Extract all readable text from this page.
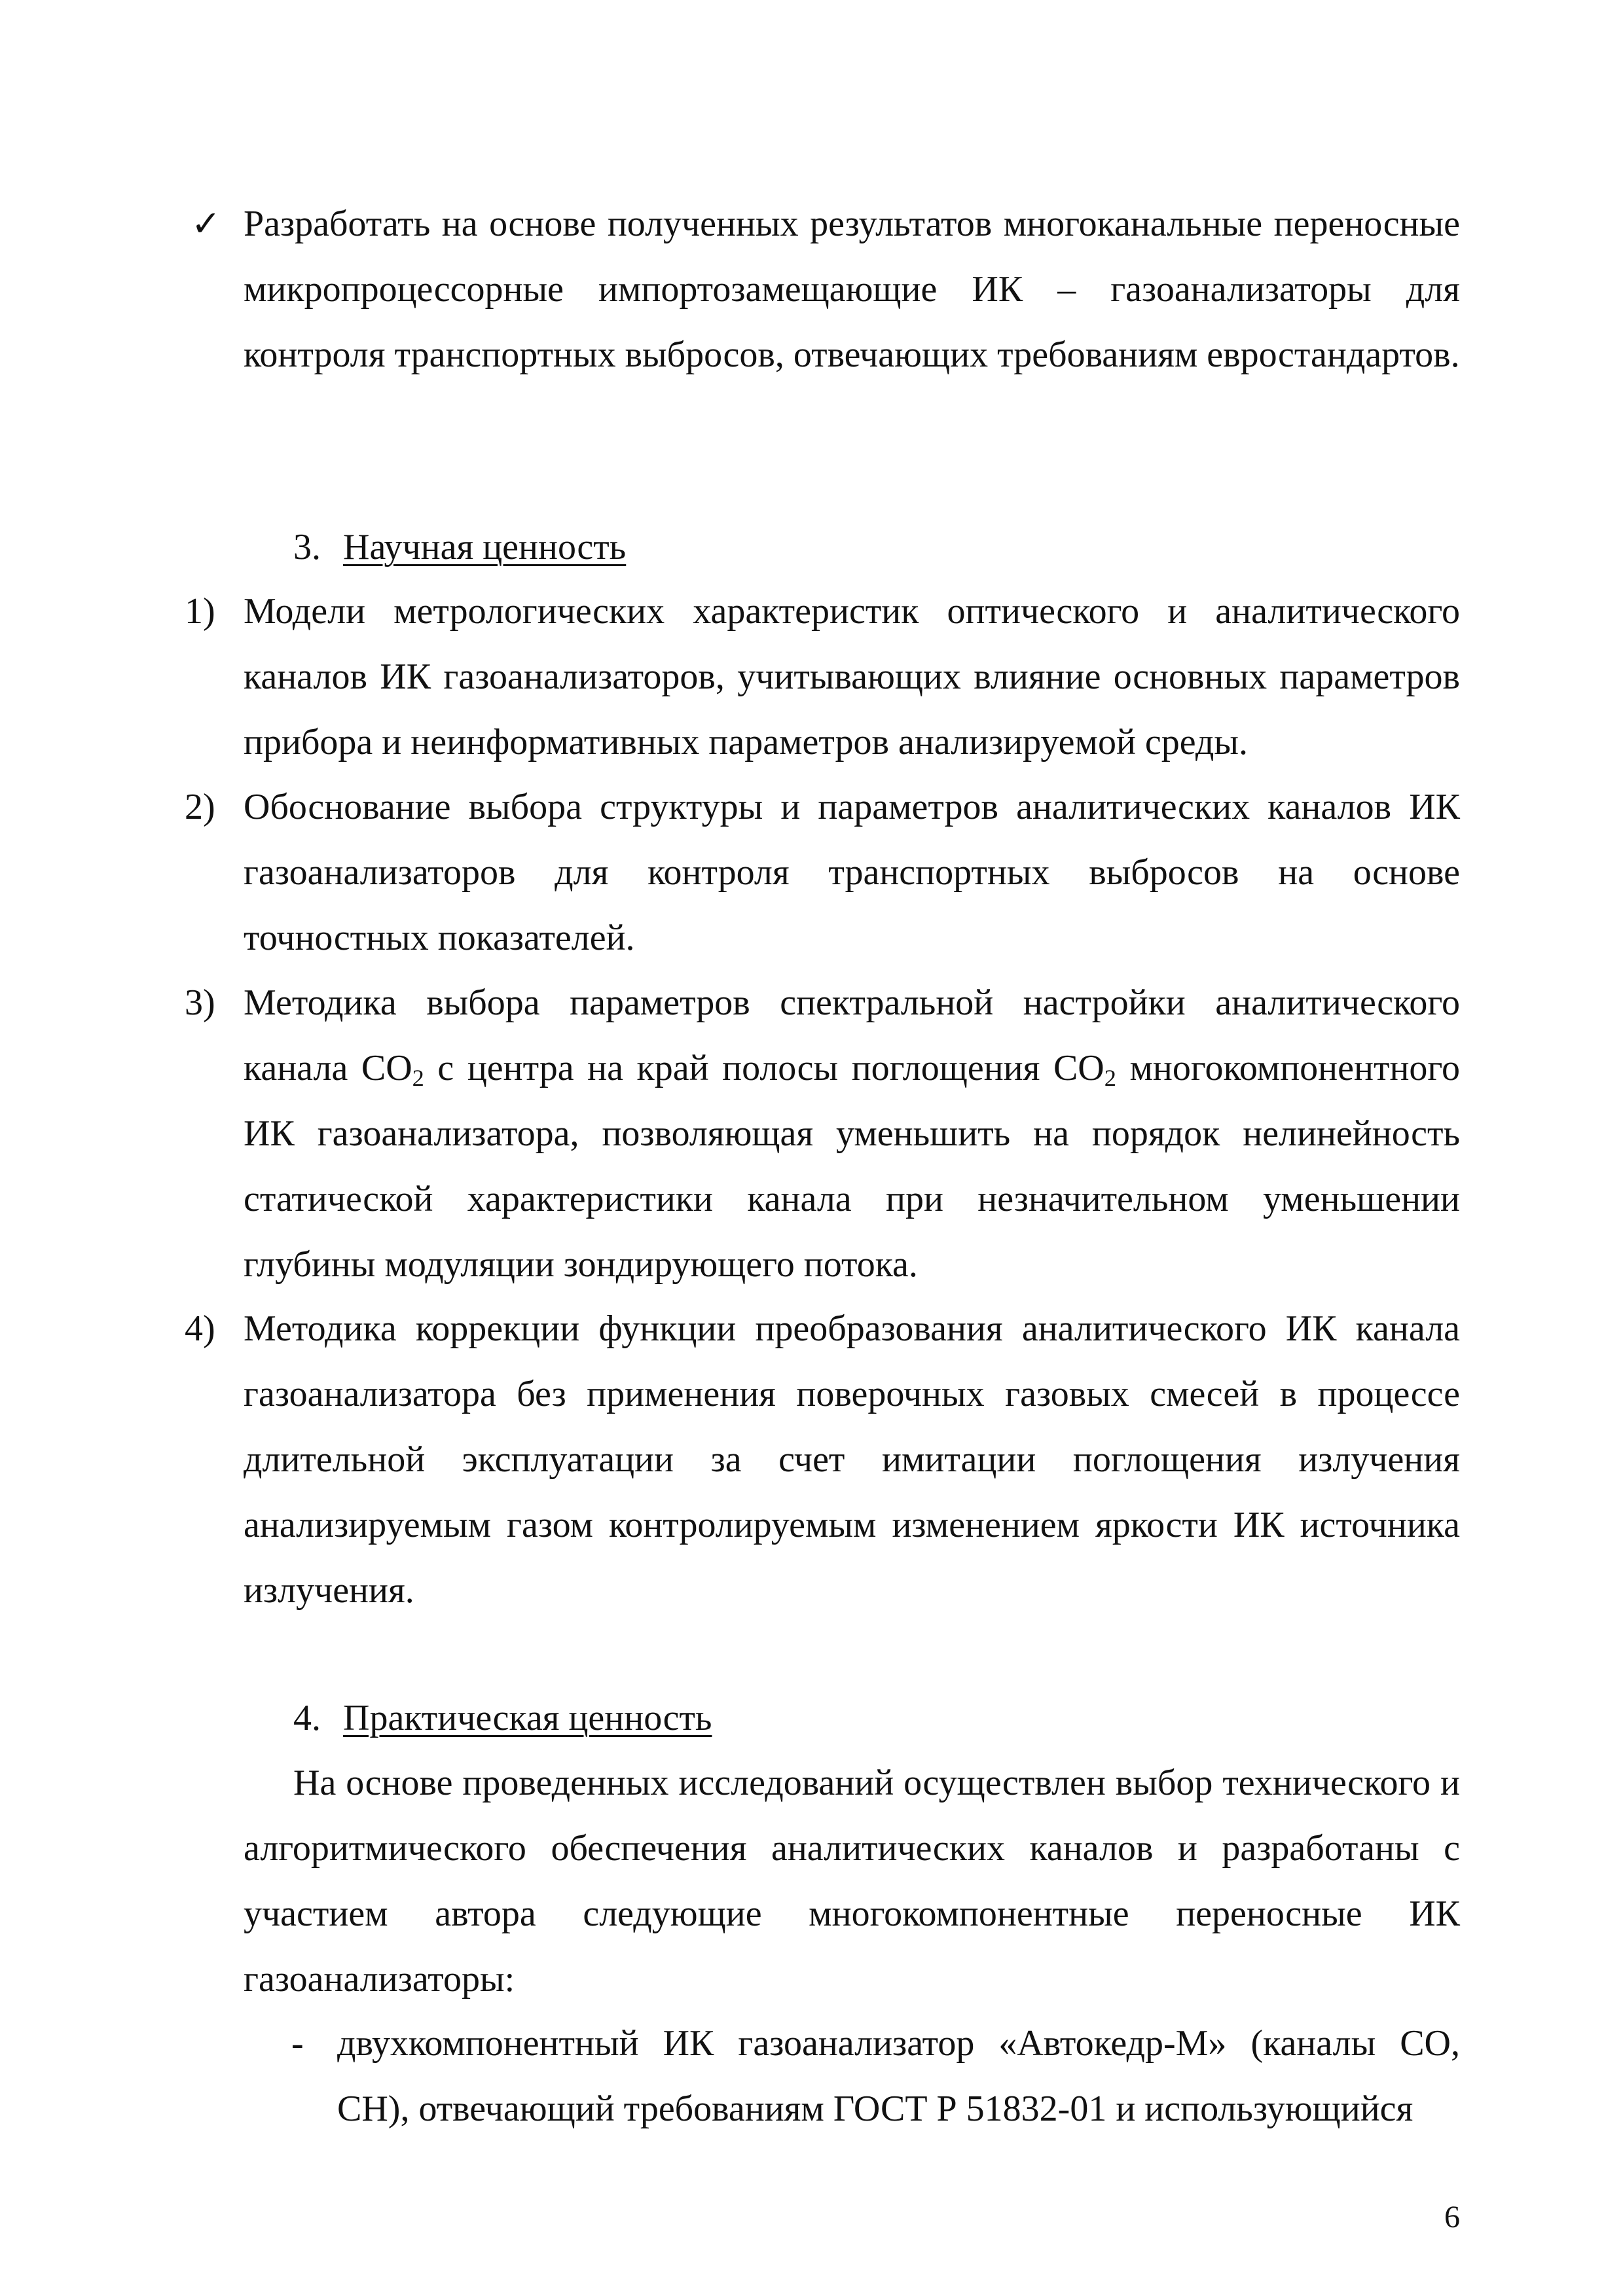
✓ Разработать на основе полученных результатов многоканальные переносные микропроцессорные импортозамещающие ИК – газоанализаторы для контроля транспортных выбросов, отвечающих требованиям евростандартов.
3. Научная ценность
1) Модели метрологических характеристик оптического и аналитического каналов ИК газоанализаторов, учитывающих влияние основных параметров прибора и неинформативных параметров анализируемой среды.
2) Обоснование выбора структуры и параметров аналитических каналов ИК газоанализаторов для контроля транспортных выбросов на основе точностных показателей.
3) Методика выбора параметров спектральной настройки аналитического канала $CO_2$ с центра на край полосы поглощения $CO_2$ многокомпонентного ИК газоанализатора, позволяющая уменьшить на порядок нелинейность статической характеристики канала при незначительном уменьшении глубины модуляции зондирующего потока.
4) Методика коррекции функции преобразования аналитического ИК канала газоанализатора без применения поверочных газовых смесей в процессе длительной эксплуатации за счет имитации поглощения излучения анализируемым газом контролируемым изменением яркости ИК источника излучения.
4. Практическая ценность
На основе проведенных исследований осуществлен выбор технического и алгоритмического обеспечения аналитических каналов и разработаны с участием автора следующие многокомпонентные переносные ИК газоанализаторы:
- двухкомпонентный ИК газоанализатор «Автокедр-М» (каналы CO, CH), отвечающий требованиям ГОСТ Р 51832-01 и использующийся
6
